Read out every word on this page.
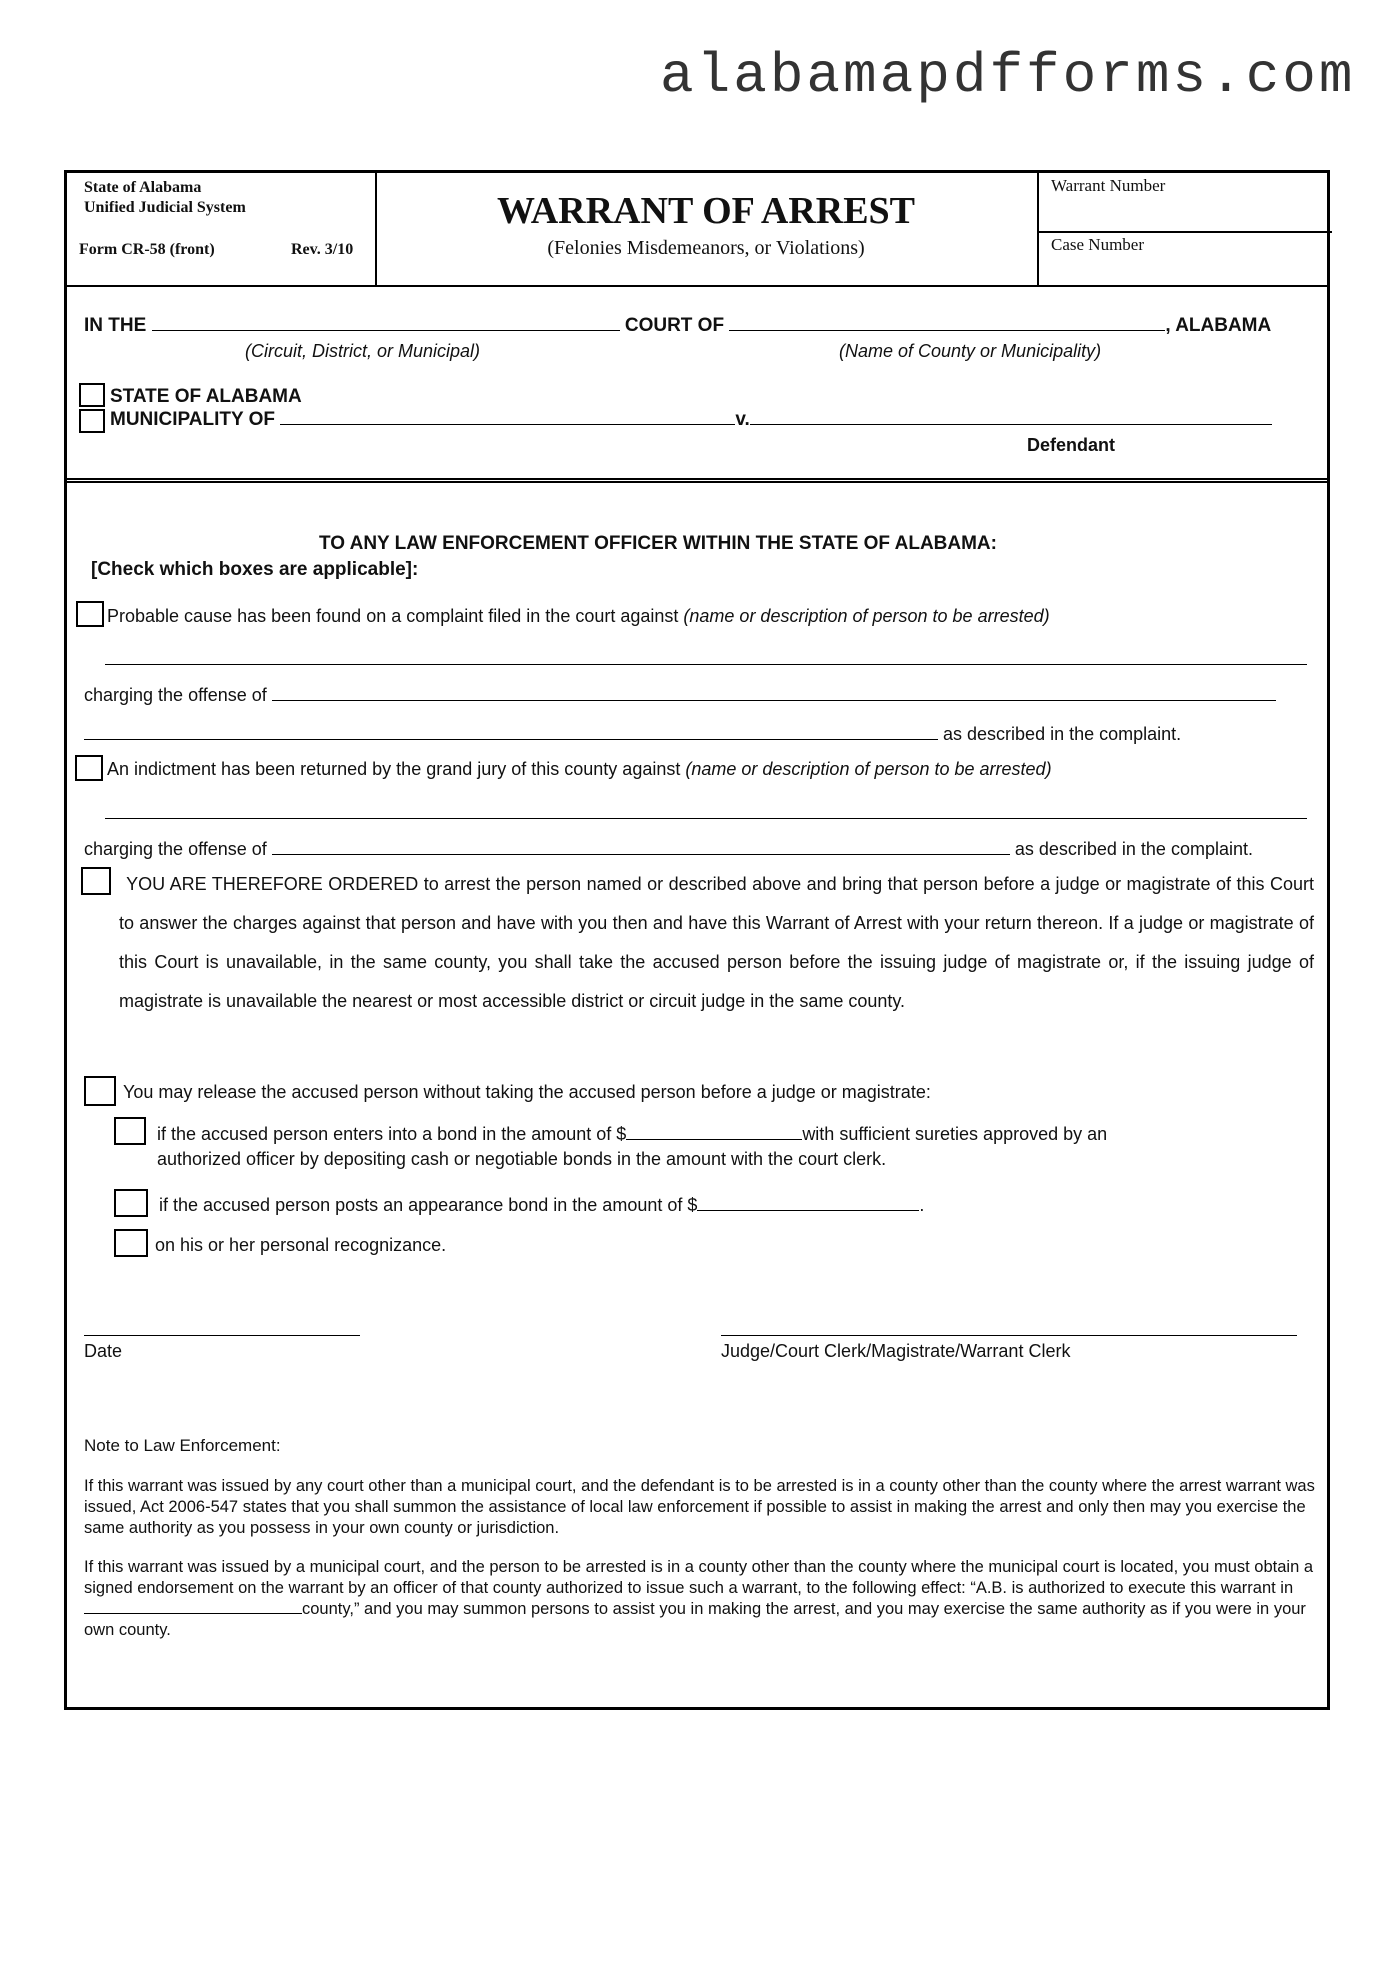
alabamapdfforms.com
State of Alabama
Unified Judicial System
Form CR-58 (front)	Rev. 3/10
WARRANT OF ARREST
(Felonies Misdemeanors, or Violations)
Warrant Number
Case Number
IN THE	COURT OF	, ALABAMA
(Circuit, District, or Municipal)	(Name of County or Municipality)
STATE OF ALABAMA
MUNICIPALITY OF	v.
Defendant
TO ANY LAW ENFORCEMENT OFFICER WITHIN THE STATE OF ALABAMA:
[Check which boxes are applicable]:
Probable cause has been found on a complaint filed in the court against (name or description of person to be arrested)
charging the offense of
as described in the complaint.
An indictment has been returned by the grand jury of this county against (name or description of person to be arrested)
charging the offense of	as described in the complaint.
YOU ARE THEREFORE ORDERED to arrest the person named or described above and bring that person before a judge or magistrate of this Court to answer the charges against that person and have with you then and have this Warrant of Arrest with your return thereon. If a judge or magistrate of this Court is unavailable, in the same county, you shall take the accused person before the issuing judge of magistrate or, if the issuing judge of magistrate is unavailable the nearest or most accessible district or circuit judge in the same county.
You may release the accused person without taking the accused person before a judge or magistrate:
if the accused person enters into a bond in the amount of $	with sufficient sureties approved by an
authorized officer by depositing cash or negotiable bonds in the amount with the court clerk.
if the accused person posts an appearance bond in the amount of $	.
on his or her personal recognizance.
Date	Judge/Court Clerk/Magistrate/Warrant Clerk
Note to Law Enforcement:
If this warrant was issued by any court other than a municipal court, and the defendant is to be arrested is in a county other than the county where the arrest warrant was issued, Act 2006-547 states that you shall summon the assistance of local law enforcement if possible to assist in making the arrest and only then may you exercise the same authority as you possess in your own county or jurisdiction.
If this warrant was issued by a municipal court, and the person to be arrested is in a county other than the county where the municipal court is located, you must obtain a signed endorsement on the warrant by an officer of that county authorized to issue such a warrant, to the following effect: “A.B. is authorized to execute this warrant in county,” and you may summon persons to assist you in making the arrest, and you may exercise the same authority as if you were in your own county.
